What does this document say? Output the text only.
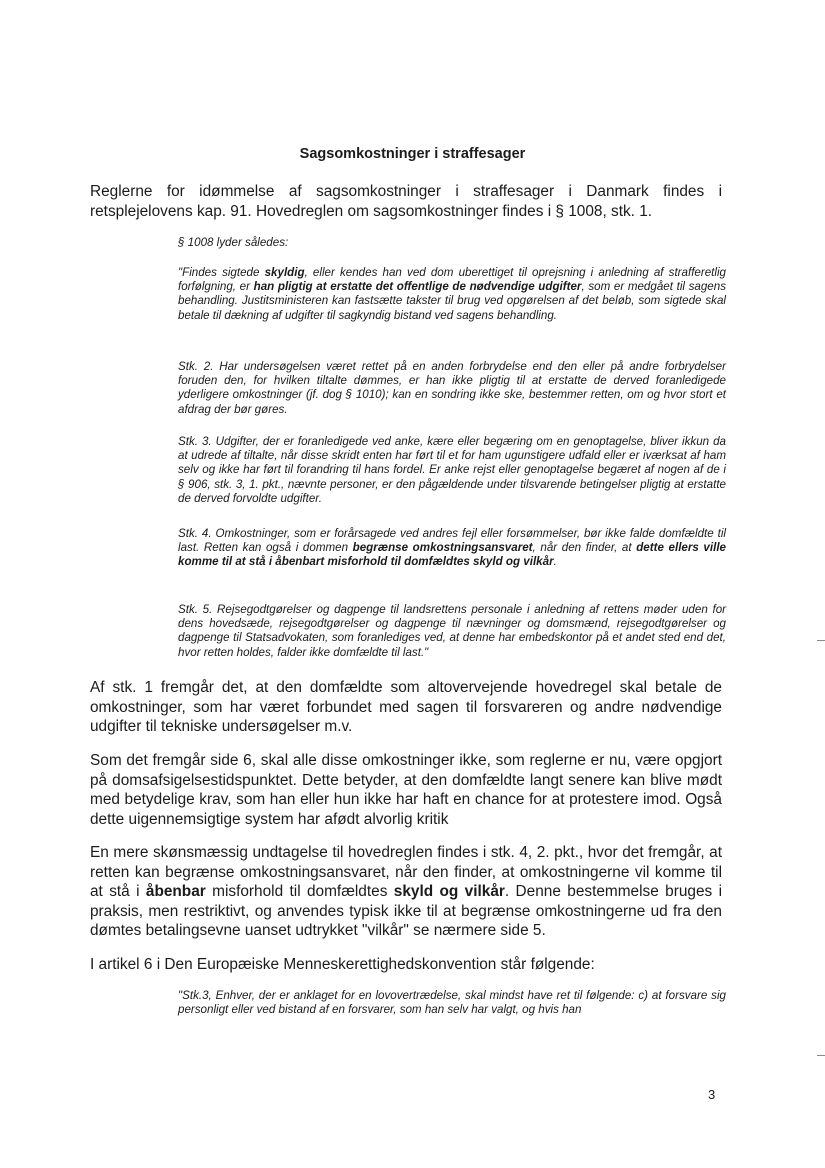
Sagsomkostninger i straffesager
Reglerne for idømmelse af sagsomkostninger i straffesager i Danmark findes i retsplejelovens kap. 91. Hovedreglen om sagsomkostninger findes i § 1008, stk. 1.
§ 1008 lyder således:
"Findes sigtede skyldig, eller kendes han ved dom uberettiget til oprejsning i anledning af strafferetlig forfølgning, er han pligtig at erstatte det offentlige de nødvendige udgifter, som er medgået til sagens behandling. Justitsministeren kan fastsætte takster til brug ved opgørelsen af det beløb, som sigtede skal betale til dækning af udgifter til sagkyndig bistand ved sagens behandling.
Stk. 2. Har undersøgelsen været rettet på en anden forbrydelse end den eller på andre forbrydelser foruden den, for hvilken tiltalte dømmes, er han ikke pligtig til at erstatte de derved foranledigede yderligere omkostninger (jf. dog § 1010); kan en sondring ikke ske, bestemmer retten, om og hvor stort et afdrag der bør gøres.
Stk. 3. Udgifter, der er foranledigede ved anke, kære eller begæring om en genoptagelse, bliver ikkun da at udrede af tiltalte, når disse skridt enten har ført til et for ham ugunstigere udfald eller er iværksat af ham selv og ikke har ført til forandring til hans fordel. Er anke rejst eller genoptagelse begæret af nogen af de i § 906, stk. 3, 1. pkt., nævnte personer, er den pågældende under tilsvarende betingelser pligtig at erstatte de derved forvoldte udgifter.
Stk. 4. Omkostninger, som er forårsagede ved andres fejl eller forsømmelser, bør ikke falde domfældte til last. Retten kan også i dommen begrænse omkostningsansvaret, når den finder, at dette ellers ville komme til at stå i åbenbart misforhold til domfældtes skyld og vilkår.
Stk. 5. Rejsegodtgørelser og dagpenge til landsrettens personale i anledning af rettens møder uden for dens hovedsæde, rejsegodtgørelser og dagpenge til nævninger og domsmænd, rejsegodtgørelser og dagpenge til Statsadvokaten, som foranlediges ved, at denne har embedskontor på et andet sted end det, hvor retten holdes, falder ikke domfældte til last."
Af stk. 1 fremgår det, at den domfældte som altovervejende hovedregel skal betale de omkostninger, som har været forbundet med sagen til forsvareren og andre nødvendige udgifter til tekniske undersøgelser m.v.
Som det fremgår side 6, skal alle disse omkostninger ikke, som reglerne er nu, være opgjort på domsafsigelsestidspunktet. Dette betyder, at den domfældte langt senere kan blive mødt med betydelige krav, som han eller hun ikke har haft en chance for at protestere imod. Også dette uigennemsigtige system har afødt alvorlig kritik
En mere skønsmæssig undtagelse til hovedreglen findes i stk. 4, 2. pkt., hvor det fremgår, at retten kan begrænse omkostningsansvaret, når den finder, at omkostningerne vil komme til at stå i åbenbar misforhold til domfældtes skyld og vilkår. Denne bestemmelse bruges i praksis, men restriktivt, og anvendes typisk ikke til at begrænse omkostningerne ud fra den dømtes betalingsevne uanset udtrykket "vilkår" se nærmere side 5.
I artikel 6 i Den Europæiske Menneskerettighedskonvention står følgende:
"Stk.3, Enhver, der er anklaget for en lovovertrædelse, skal mindst have ret til følgende: c) at forsvare sig personligt eller ved bistand af en forsvarer, som han selv har valgt, og hvis han
3
